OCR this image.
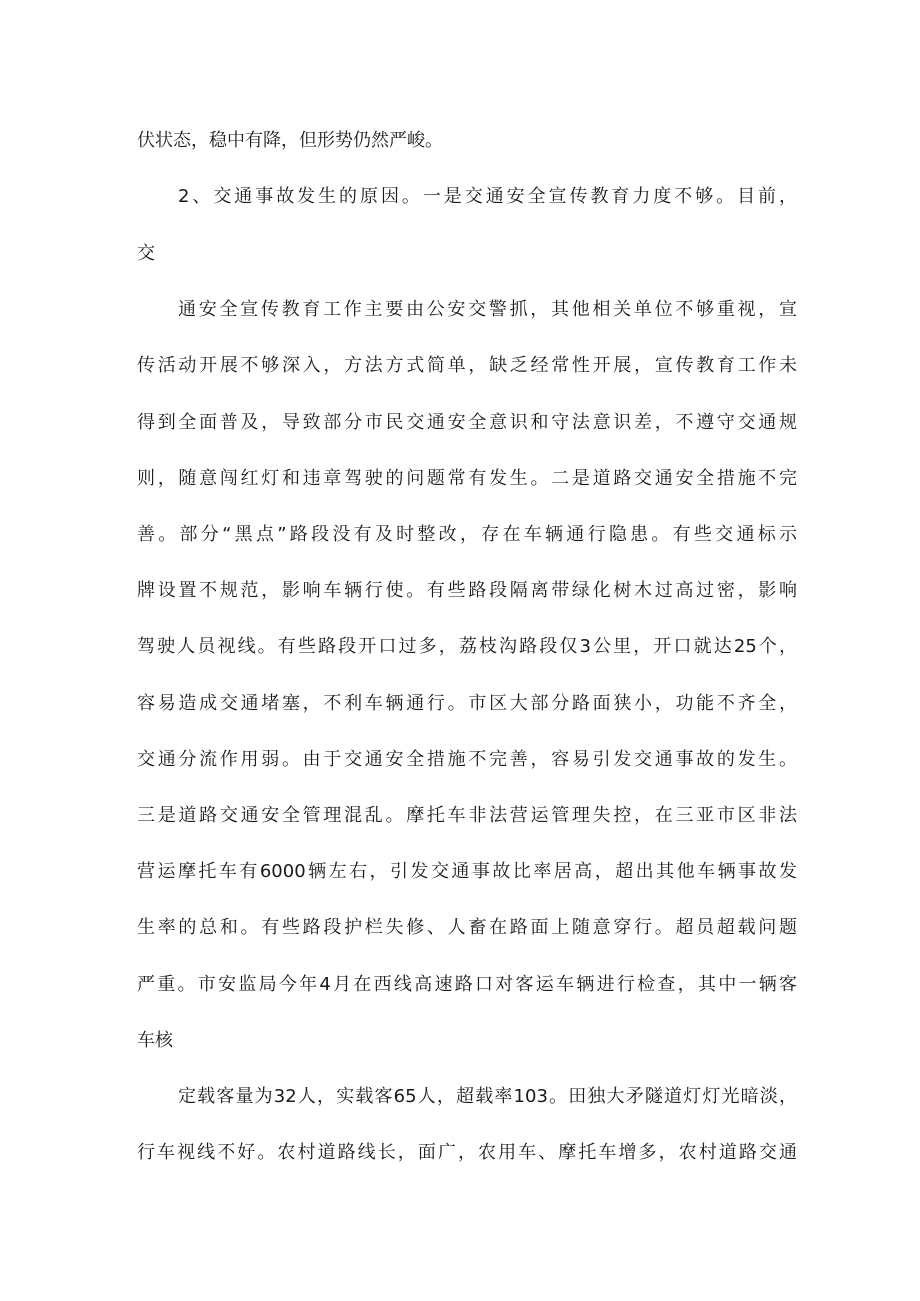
伏状态，稳中有降，但形势仍然严峻。

2、交通事故发生的原因。一是交通安全宣传教育力度不够。目前，

交

通安全宣传教育工作主要由公安交警抓，其他相关单位不够重视，宣

传活动开展不够深入，方法方式简单，缺乏经常性开展，宣传教育工作未

得到全面普及，导致部分市民交通安全意识和守法意识差，不遵守交通规

则，随意闯红灯和违章驾驶的问题常有发生。二是道路交通安全措施不完

善。部分“黑点”路段没有及时整改，存在车辆通行隐患。有些交通标示

牌设置不规范，影响车辆行使。有些路段隔离带绿化树木过高过密，影响

驾驶人员视线。有些路段开口过多，荔枝沟路段仅3公里，开口就达25个，

容易造成交通堵塞，不利车辆通行。市区大部分路面狭小，功能不齐全，

交通分流作用弱。由于交通安全措施不完善，容易引发交通事故的发生。

三是道路交通安全管理混乱。摩托车非法营运管理失控，在三亚市区非法

营运摩托车有6000辆左右，引发交通事故比率居高，超出其他车辆事故发

生率的总和。有些路段护栏失修、人畜在路面上随意穿行。超员超载问题

严重。市安监局今年4月在西线高速路口对客运车辆进行检查，其中一辆客

车核

定载客量为32人，实载客65人，超载率103。田独大矛隧道灯灯光暗淡，

行车视线不好。农村道路线长，面广，农用车、摩托车增多，农村道路交通
